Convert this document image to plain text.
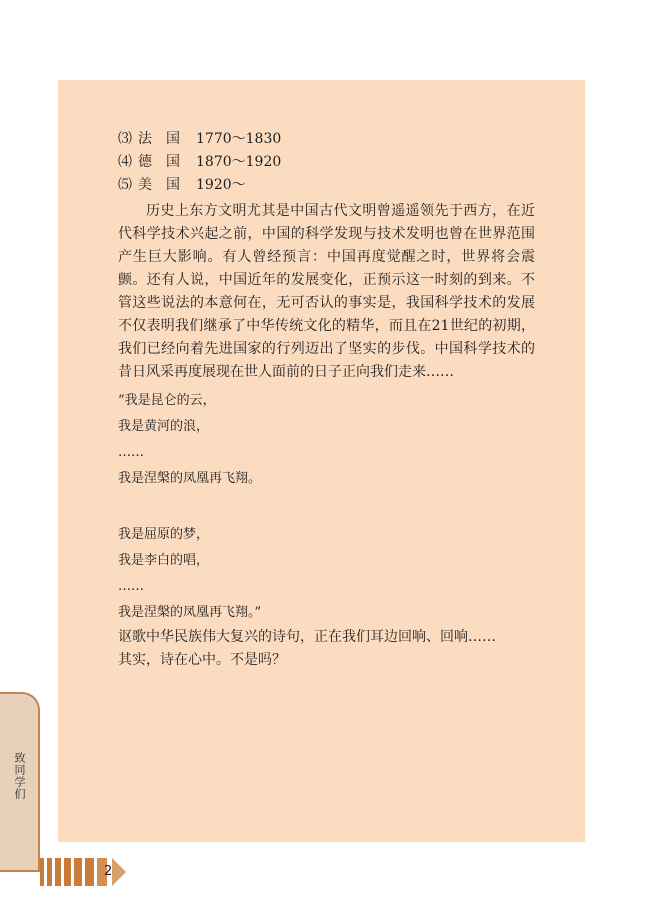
⑶ 法　国	1770～1830
⑷ 德　国	1870～1920
⑸ 美　国	1920～

历史上东方文明尤其是中国古代文明曾遥遥领先于西方，在近代科学技术兴起之前，中国的科学发现与技术发明也曾在世界范围产生巨大影响。有人曾经预言：中国再度觉醒之时，世界将会震颤。还有人说，中国近年的发展变化，正预示这一时刻的到来。不管这些说法的本意何在，无可否认的事实是，我国科学技术的发展不仅表明我们继承了中华传统文化的精华，而且在21世纪的初期，我们已经向着先进国家的行列迈出了坚实的步伐。中国科学技术的昔日风采再度展现在世人面前的日子正向我们走来……

“我是昆仑的云，
我是黄河的浪，
……
我是涅槃的凤凰再飞翔。
我是屈原的梦，
我是李白的唱，
……
我是涅槃的凤凰再飞翔。”

讴歌中华民族伟大复兴的诗句，正在我们耳边回响、回响……

其实，诗在心中。不是吗？

致同学们
2
